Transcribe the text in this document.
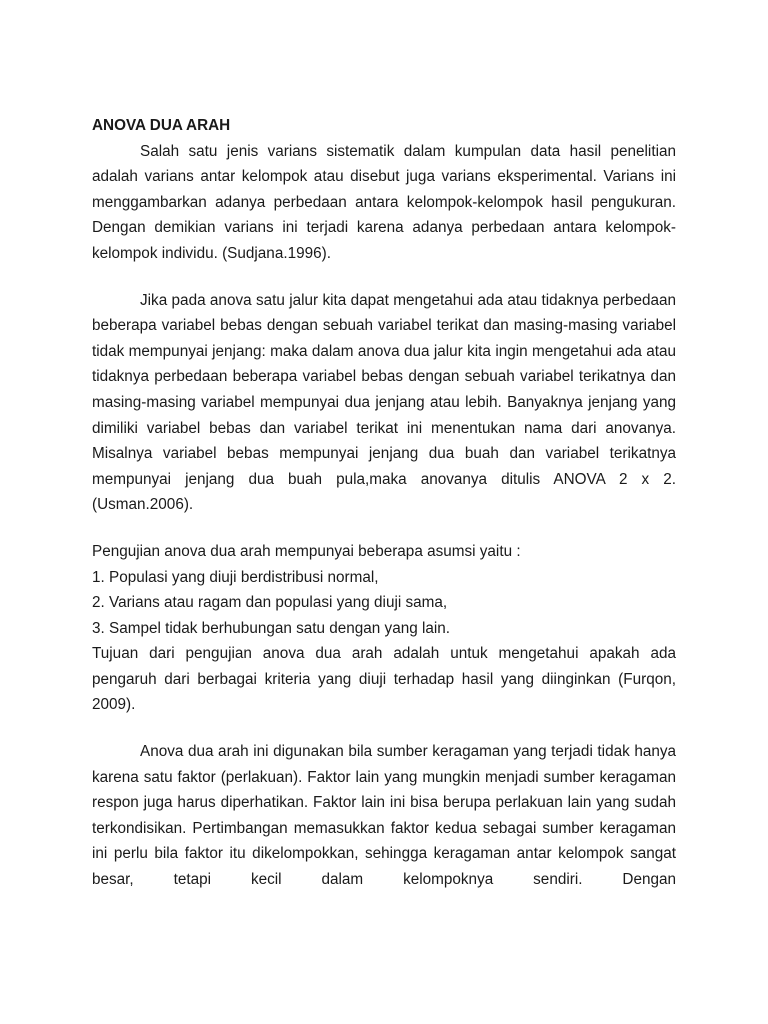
ANOVA DUA ARAH

Salah satu jenis varians sistematik dalam kumpulan data hasil penelitian adalah varians antar kelompok atau disebut juga varians eksperimental. Varians ini menggambarkan adanya perbedaan antara kelompok-kelompok hasil pengukuran. Dengan demikian varians ini terjadi karena adanya perbedaan antara kelompok-kelompok individu. (Sudjana.1996).

Jika pada anova satu jalur kita dapat mengetahui ada atau tidaknya perbedaan beberapa variabel bebas dengan sebuah variabel terikat dan masing-masing variabel tidak mempunyai jenjang: maka dalam anova dua jalur kita ingin mengetahui ada atau tidaknya perbedaan beberapa variabel bebas dengan sebuah variabel terikatnya dan masing-masing variabel mempunyai dua jenjang atau lebih. Banyaknya jenjang yang dimiliki variabel bebas dan variabel terikat ini menentukan nama dari anovanya. Misalnya variabel bebas mempunyai jenjang dua buah dan variabel terikatnya mempunyai jenjang dua buah pula,maka anovanya ditulis ANOVA 2 x 2. (Usman.2006).

Pengujian anova dua arah mempunyai beberapa asumsi yaitu :

1. Populasi yang diuji berdistribusi normal,

2. Varians atau ragam dan populasi yang diuji sama,

3. Sampel tidak berhubungan satu dengan yang lain.

Tujuan dari pengujian anova dua arah adalah untuk mengetahui apakah ada pengaruh dari berbagai kriteria yang diuji terhadap hasil yang diinginkan (Furqon, 2009).

Anova dua arah ini digunakan bila sumber keragaman yang terjadi tidak hanya karena satu faktor (perlakuan). Faktor lain yang mungkin menjadi sumber keragaman respon juga harus diperhatikan. Faktor lain ini bisa berupa perlakuan lain yang sudah terkondisikan. Pertimbangan memasukkan faktor kedua sebagai sumber keragaman ini perlu bila faktor itu dikelompokkan, sehingga keragaman antar kelompok sangat besar, tetapi kecil dalam kelompoknya sendiri. Dengan
